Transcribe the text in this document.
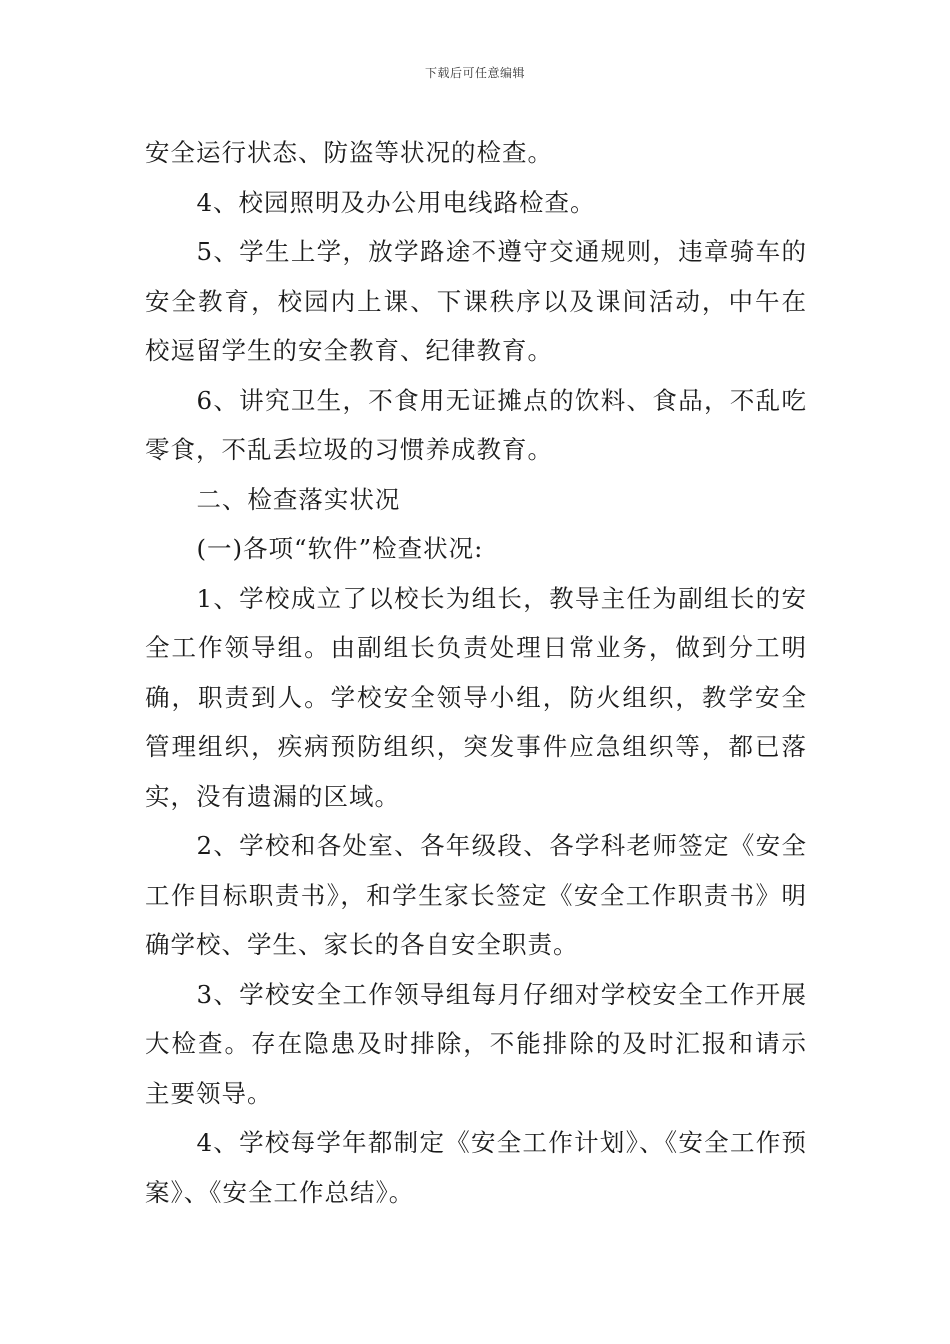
下载后可任意编辑

安全运行状态、防盗等状况的检查。

4、校园照明及办公用电线路检查。

5、学生上学，放学路途不遵守交通规则，违章骑车的安全教育，校园内上课、下课秩序以及课间活动，中午在校逗留学生的安全教育、纪律教育。

6、讲究卫生，不食用无证摊点的饮料、食品，不乱吃零食，不乱丢垃圾的习惯养成教育。

二、检查落实状况

(一)各项“软件”检查状况:

1、学校成立了以校长为组长，教导主任为副组长的安全工作领导组。由副组长负责处理日常业务，做到分工明确，职责到人。学校安全领导小组，防火组织，教学安全管理组织，疾病预防组织，突发事件应急组织等，都已落实，没有遗漏的区域。

2、学校和各处室、各年级段、各学科老师签定《安全工作目标职责书》，和学生家长签定《安全工作职责书》明确学校、学生、家长的各自安全职责。

3、学校安全工作领导组每月仔细对学校安全工作开展大检查。存在隐患及时排除，不能排除的及时汇报和请示主要领导。

4、学校每学年都制定《安全工作计划》、《安全工作预案》、《安全工作总结》。
